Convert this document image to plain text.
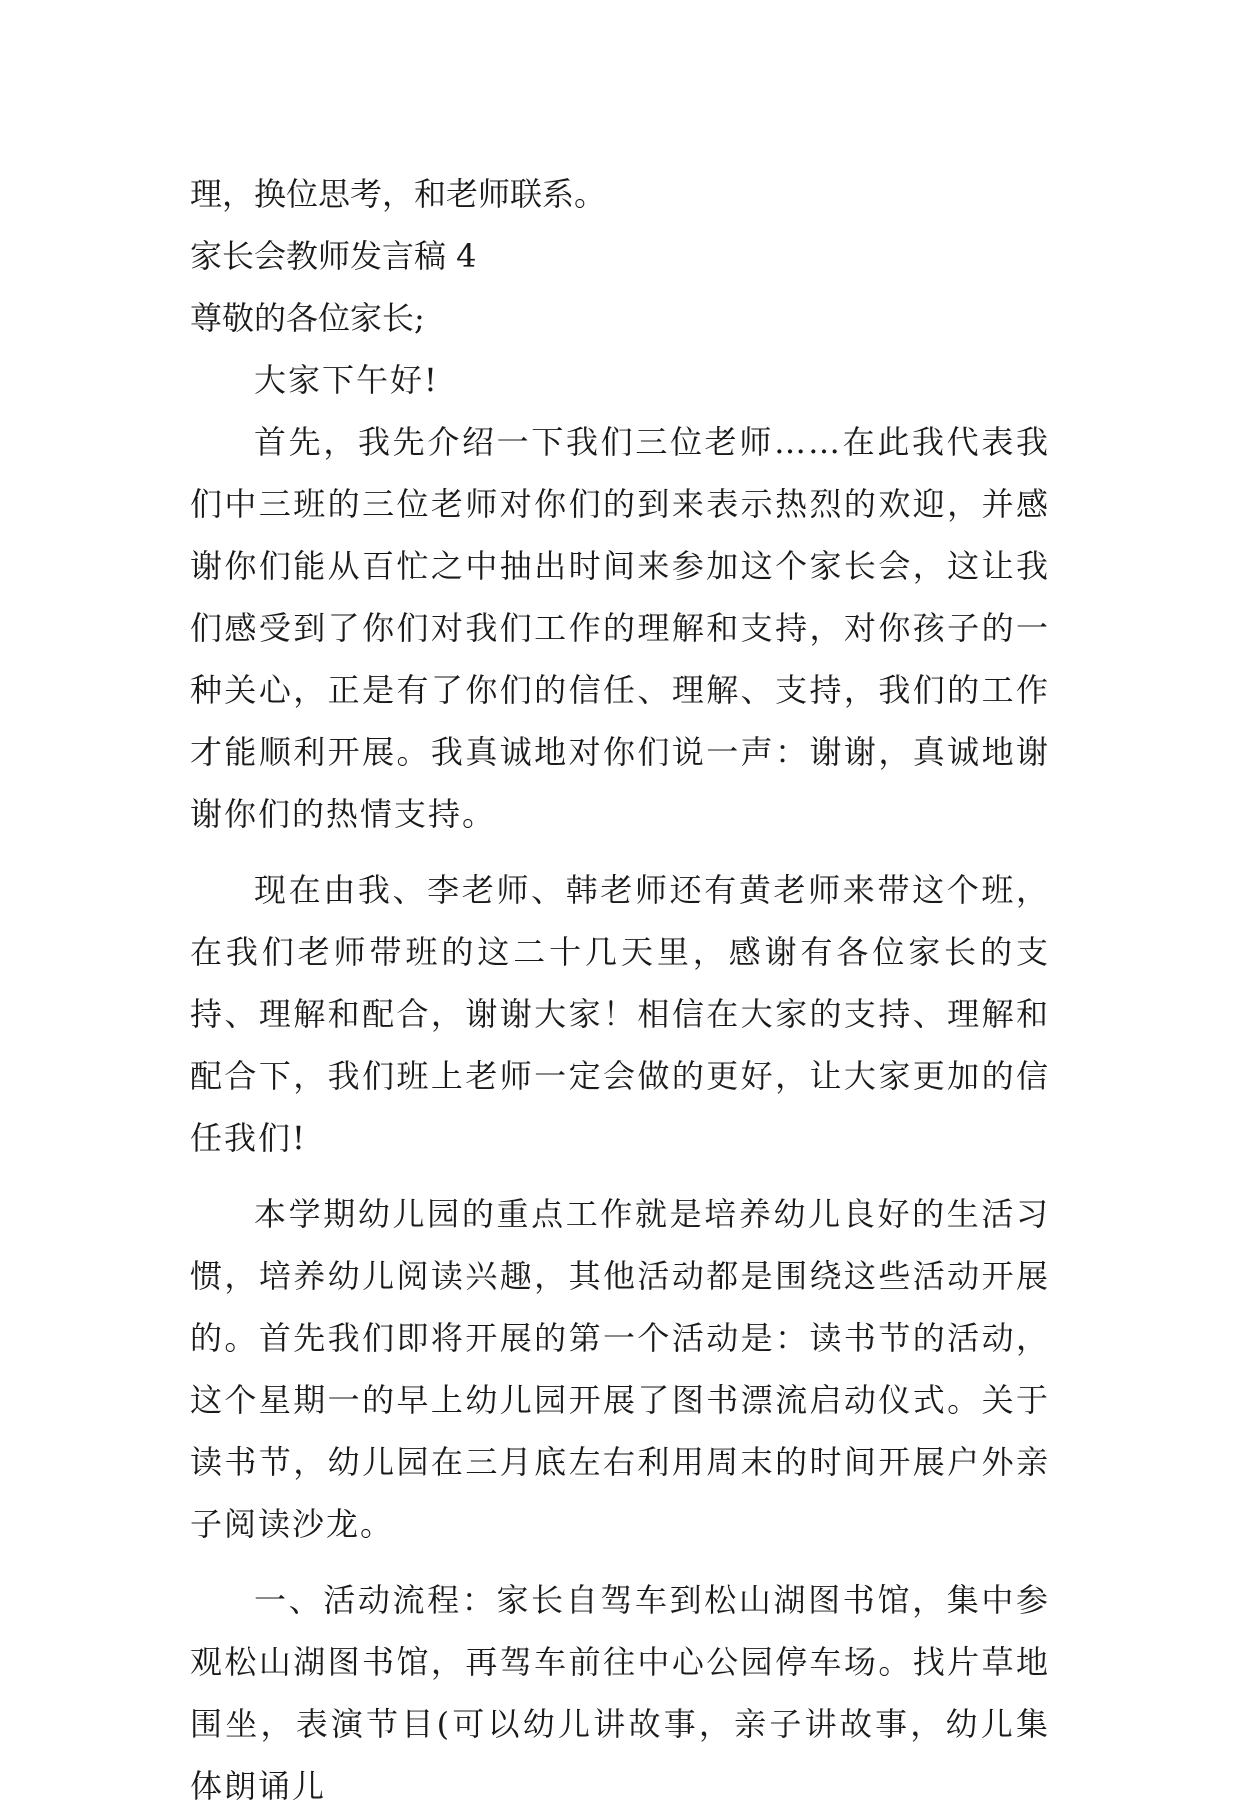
理，换位思考，和老师联系。
家长会教师发言稿 4
尊敬的各位家长;

大家下午好!

首先，我先介绍一下我们三位老师……在此我代表我们中三班的三位老师对你们的到来表示热烈的欢迎，并感谢你们能从百忙之中抽出时间来参加这个家长会，这让我们感受到了你们对我们工作的理解和支持，对你孩子的一种关心，正是有了你们的信任、理解、支持，我们的工作才能顺利开展。我真诚地对你们说一声：谢谢，真诚地谢谢你们的热情支持。

现在由我、李老师、韩老师还有黄老师来带这个班，在我们老师带班的这二十几天里，感谢有各位家长的支持、理解和配合，谢谢大家！相信在大家的支持、理解和配合下，我们班上老师一定会做的更好，让大家更加的信任我们!

本学期幼儿园的重点工作就是培养幼儿良好的生活习惯，培养幼儿阅读兴趣，其他活动都是围绕这些活动开展的。首先我们即将开展的第一个活动是：读书节的活动，这个星期一的早上幼儿园开展了图书漂流启动仪式。关于读书节，幼儿园在三月底左右利用周末的时间开展户外亲子阅读沙龙。

一、活动流程：家长自驾车到松山湖图书馆，集中参观松山湖图书馆，再驾车前往中心公园停车场。找片草地围坐，表演节目(可以幼儿讲故事，亲子讲故事，幼儿集体朗诵儿
